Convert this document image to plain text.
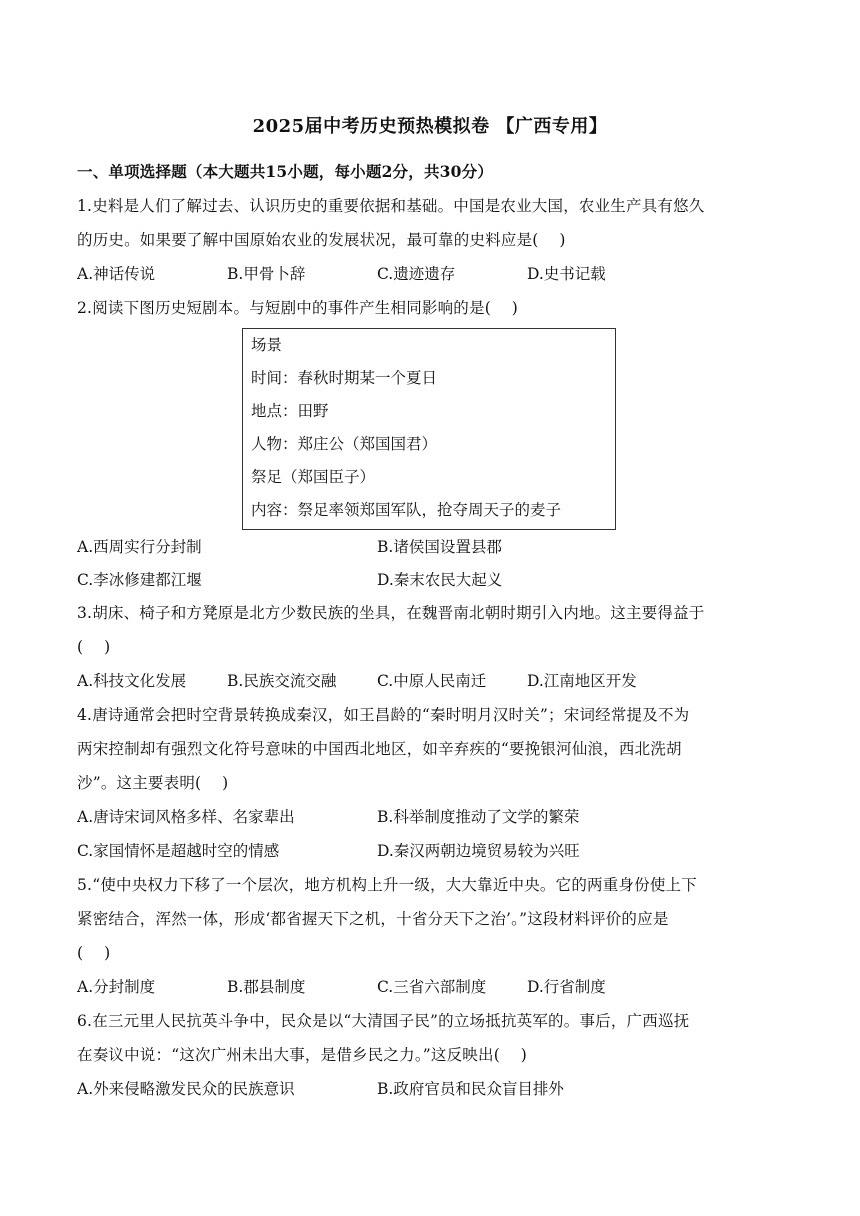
2025届中考历史预热模拟卷 【广西专用】
一、单项选择题（本大题共15小题，每小题2分，共30分）
1.史料是人们了解过去、认识历史的重要依据和基础。中国是农业大国，农业生产具有悠久
的历史。如果要了解中国原始农业的发展状况，最可靠的史料应是(　 )
A.神话传说	B.甲骨卜辞	C.遗迹遗存	D.史书记载
2.阅读下图历史短剧本。与短剧中的事件产生相同影响的是(　 )
场景
时间：春秋时期某一个夏日
地点：田野
人物：郑庄公（郑国国君）
祭足（郑国臣子）
内容：祭足率领郑国军队，抢夺周天子的麦子
A.西周实行分封制	B.诸侯国设置县郡
C.李冰修建都江堰	D.秦末农民大起义
3.胡床、椅子和方凳原是北方少数民族的坐具，在魏晋南北朝时期引入内地。这主要得益于
(　 )
A.科技文化发展	B.民族交流交融	C.中原人民南迁	D.江南地区开发
4.唐诗通常会把时空背景转换成秦汉，如王昌龄的“秦时明月汉时关”；宋词经常提及不为
两宋控制却有强烈文化符号意味的中国西北地区，如辛弃疾的“要挽银河仙浪，西北洗胡
沙”。这主要表明(　 )
A.唐诗宋词风格多样、名家辈出	B.科举制度推动了文学的繁荣
C.家国情怀是超越时空的情感	D.秦汉两朝边境贸易较为兴旺
5.“使中央权力下移了一个层次，地方机构上升一级，大大靠近中央。它的两重身份使上下
紧密结合，浑然一体，形成‘都省握天下之机，十省分天下之治’。”这段材料评价的应是
(　 )
A.分封制度	B.郡县制度	C.三省六部制度	D.行省制度
6.在三元里人民抗英斗争中，民众是以“大清国子民”的立场抵抗英军的。事后，广西巡抚
在奏议中说：“这次广州未出大事，是借乡民之力。”这反映出(　 )
A.外来侵略激发民众的民族意识	B.政府官员和民众盲目排外
